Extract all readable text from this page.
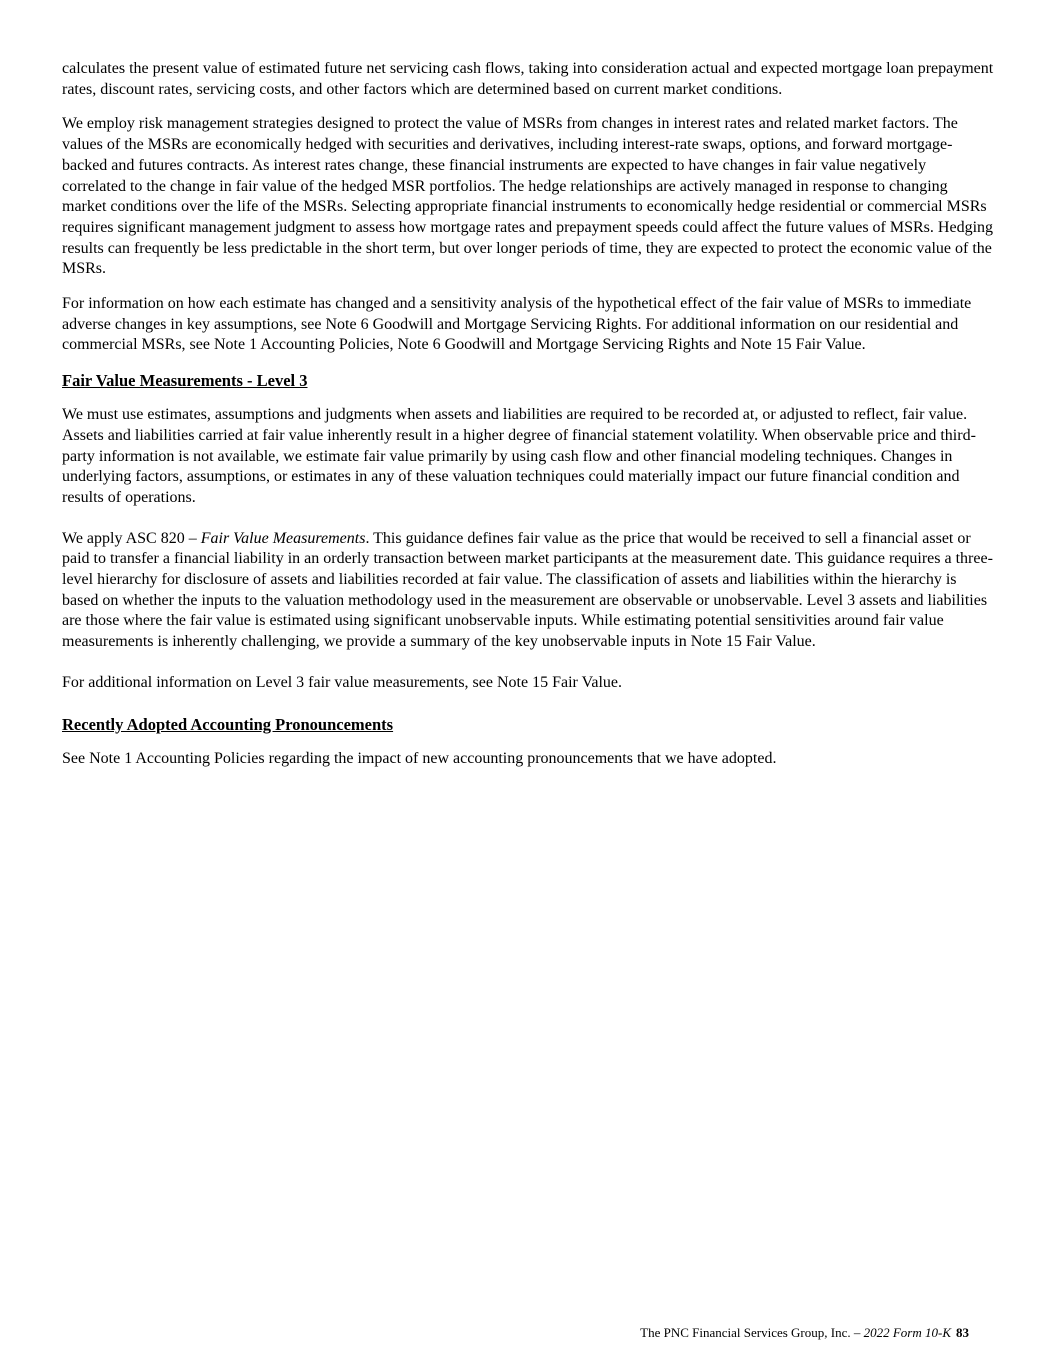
calculates the present value of estimated future net servicing cash flows, taking into consideration actual and expected mortgage loan prepayment rates, discount rates, servicing costs, and other factors which are determined based on current market conditions.

We employ risk management strategies designed to protect the value of MSRs from changes in interest rates and related market factors. The values of the MSRs are economically hedged with securities and derivatives, including interest-rate swaps, options, and forward mortgage-backed and futures contracts. As interest rates change, these financial instruments are expected to have changes in fair value negatively correlated to the change in fair value of the hedged MSR portfolios. The hedge relationships are actively managed in response to changing market conditions over the life of the MSRs. Selecting appropriate financial instruments to economically hedge residential or commercial MSRs requires significant management judgment to assess how mortgage rates and prepayment speeds could affect the future values of MSRs. Hedging results can frequently be less predictable in the short term, but over longer periods of time, they are expected to protect the economic value of the MSRs.

For information on how each estimate has changed and a sensitivity analysis of the hypothetical effect of the fair value of MSRs to immediate adverse changes in key assumptions, see Note 6 Goodwill and Mortgage Servicing Rights. For additional information on our residential and commercial MSRs, see Note 1 Accounting Policies, Note 6 Goodwill and Mortgage Servicing Rights and Note 15 Fair Value.

Fair Value Measurements - Level 3

We must use estimates, assumptions and judgments when assets and liabilities are required to be recorded at, or adjusted to reflect, fair value. Assets and liabilities carried at fair value inherently result in a higher degree of financial statement volatility. When observable price and third-party information is not available, we estimate fair value primarily by using cash flow and other financial modeling techniques. Changes in underlying factors, assumptions, or estimates in any of these valuation techniques could materially impact our future financial condition and results of operations.

We apply ASC 820 – Fair Value Measurements. This guidance defines fair value as the price that would be received to sell a financial asset or paid to transfer a financial liability in an orderly transaction between market participants at the measurement date. This guidance requires a three-level hierarchy for disclosure of assets and liabilities recorded at fair value. The classification of assets and liabilities within the hierarchy is based on whether the inputs to the valuation methodology used in the measurement are observable or unobservable. Level 3 assets and liabilities are those where the fair value is estimated using significant unobservable inputs. While estimating potential sensitivities around fair value measurements is inherently challenging, we provide a summary of the key unobservable inputs in Note 15 Fair Value.

For additional information on Level 3 fair value measurements, see Note 15 Fair Value.

Recently Adopted Accounting Pronouncements

See Note 1 Accounting Policies regarding the impact of new accounting pronouncements that we have adopted.

The PNC Financial Services Group, Inc. – 2022 Form 10-K 83
